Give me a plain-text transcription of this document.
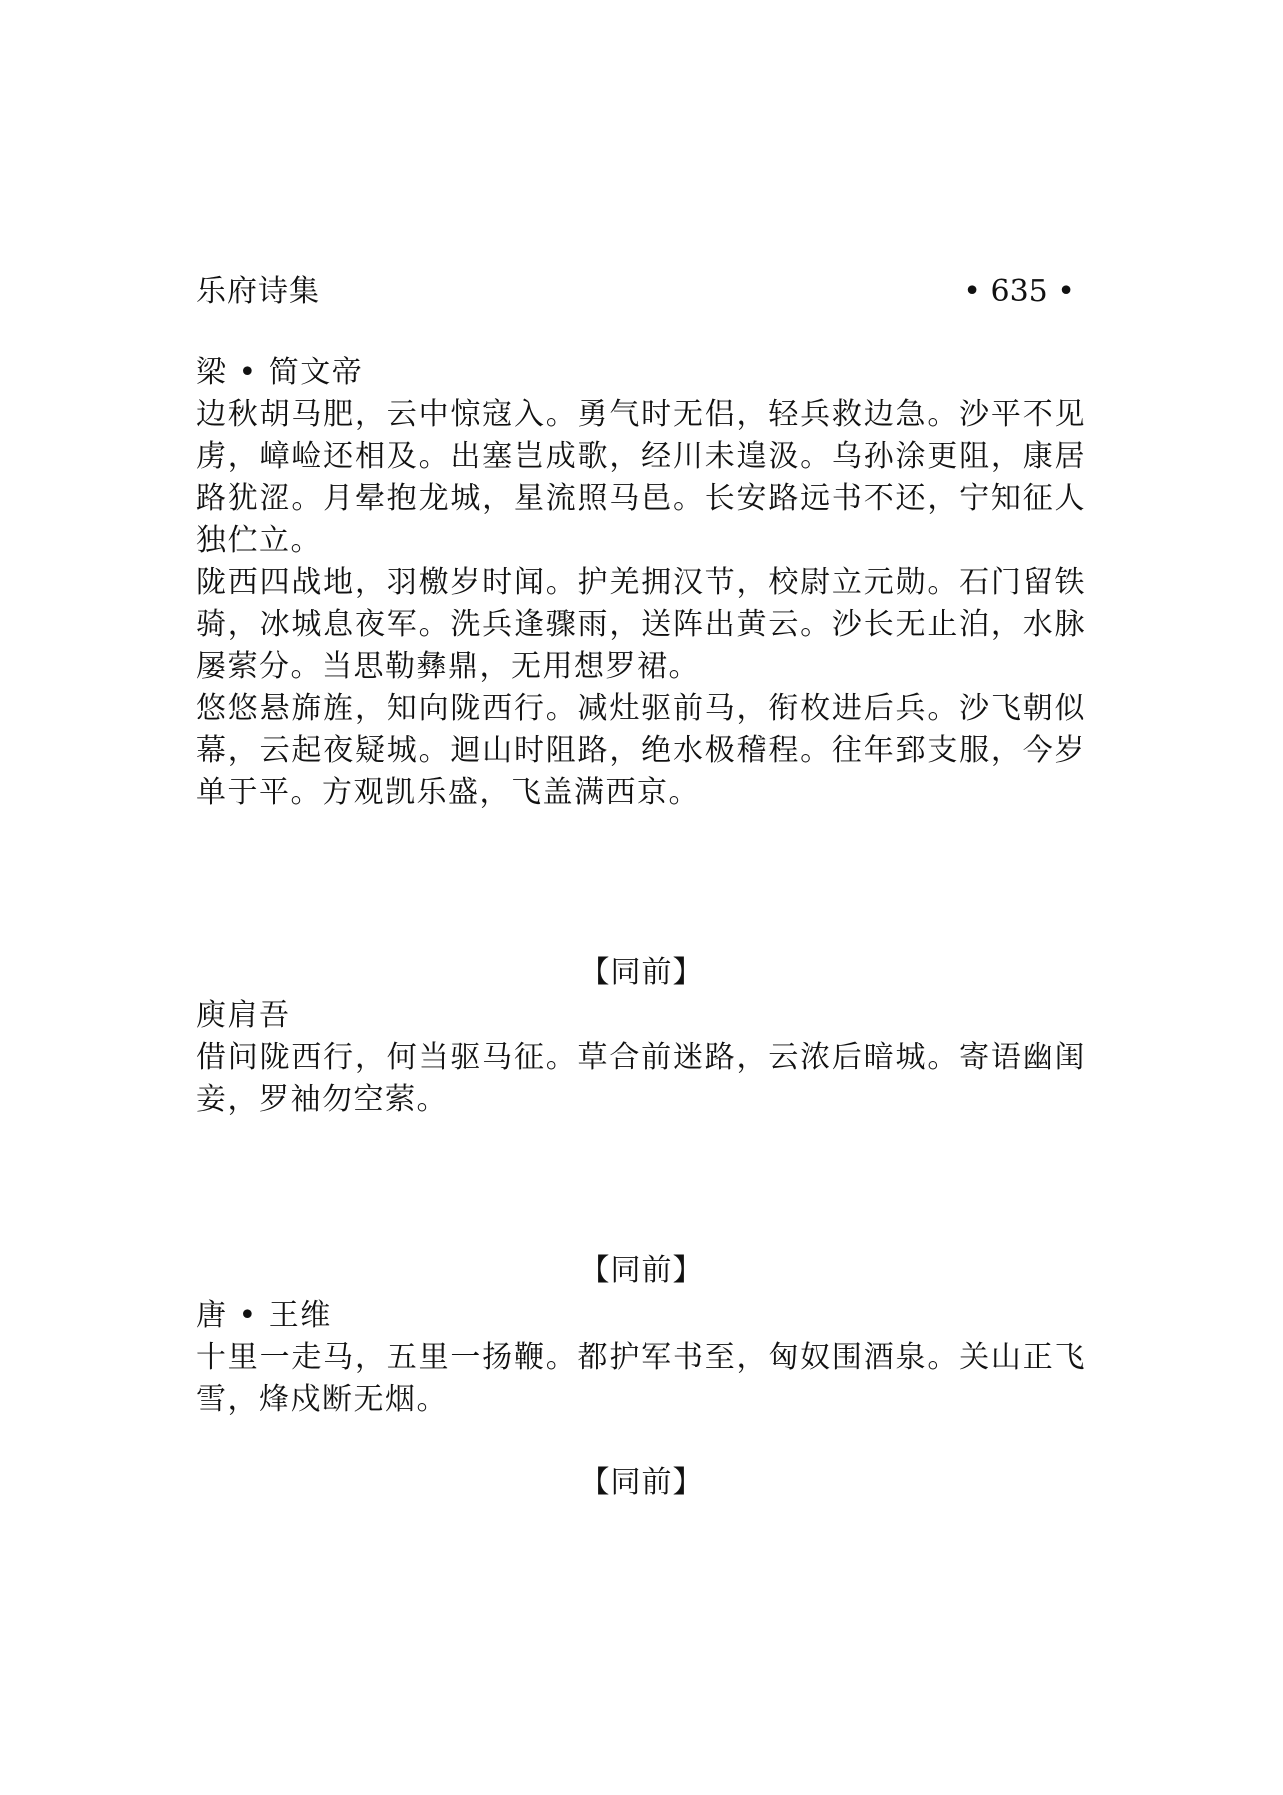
乐府诗集	• 635 •

梁 • 简文帝

边秋胡马肥，云中惊寇入。勇气时无侣，轻兵救边急。沙平不见虏，嶂崄还相及。出塞岂成歌，经川未遑汲。乌孙涂更阻，康居路犹涩。月晕抱龙城，星流照马邑。长安路远书不还，宁知征人独伫立。

陇西四战地，羽檄岁时闻。护羌拥汉节，校尉立元勋。石门留铁骑，冰城息夜军。洗兵逢骤雨，送阵出黄云。沙长无止泊，水脉屡萦分。当思勒彝鼎，无用想罗裙。

悠悠悬旆旌，知向陇西行。减灶驱前马，衔枚进后兵。沙飞朝似幕，云起夜疑城。迴山时阻路，绝水极稽程。往年郅支服，今岁单于平。方观凯乐盛，飞盖满西京。

【同前】

庾肩吾

借问陇西行，何当驱马征。草合前迷路，云浓后暗城。寄语幽闺妾，罗袖勿空萦。

【同前】

唐 • 王维

十里一走马，五里一扬鞭。都护军书至，匈奴围酒泉。关山正飞雪，烽戍断无烟。

【同前】
